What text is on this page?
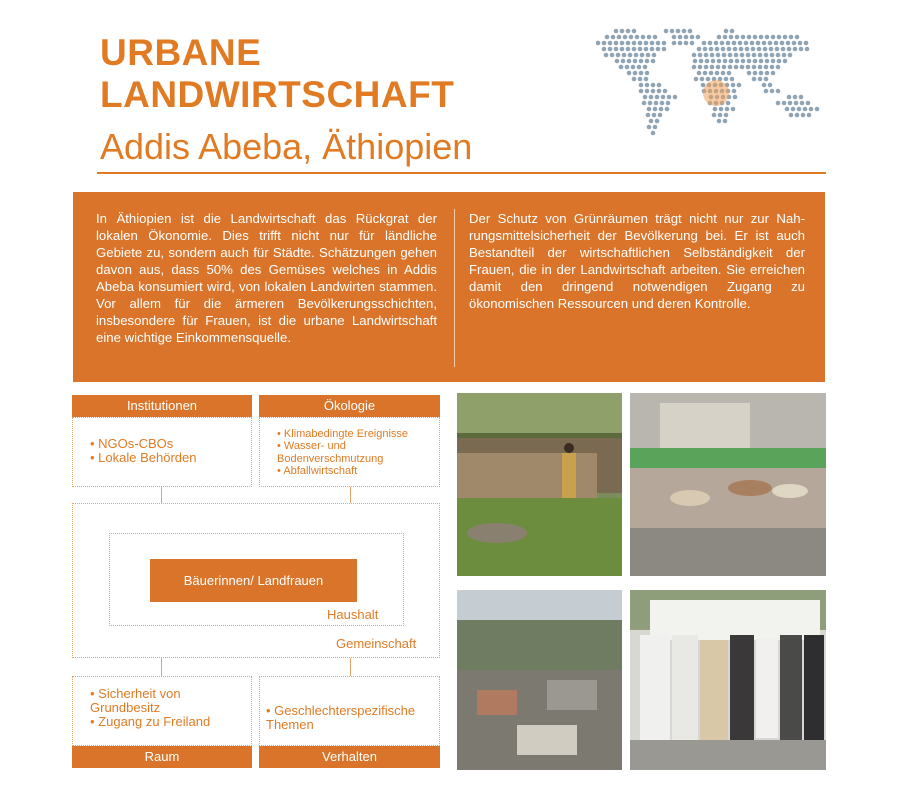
URBANE
LANDWIRTSCHAFT
Addis Abeba, Äthiopien
In Äthiopien ist die Landwirtschaft das Rückgrat der lokalen Ökonomie. Dies trifft nicht nur für ländliche Gebiete zu, sondern auch für Städte. Schätzungen gehen davon aus, dass 50% des Gemüses welches in Addis Abeba konsumiert wird, von lokalen Landwirten stammen. Vor allem für die ärmeren Bevölkerungsschichten, insbesondere für Frauen, ist die urbane Landwirtschaft eine wichtige Einkommensquelle.
Der Schutz von Grünräumen trägt nicht nur zur Nahrungsmittelsicherheit der Bevölkerung bei. Er ist auch Bestandteil der wirtschaftlichen Selbständigkeit der Frauen, die in der Landwirtschaft arbeiten. Sie erreichen damit den dringend notwendigen Zugang zu ökonomischen Ressourcen und deren Kontrolle.
Institutionen
• NGOs-CBOs
• Lokale Behörden
Ökologie
• Klimabedingte Ereignisse
• Wasser- und Bodenverschmutzung
• Abfallwirtschaft
Bäuerinnen/ Landfrauen
Haushalt
Gemeinschaft
• Sicherheit von Grundbesitz
• Zugang zu Freiland
Raum
• Geschlechterspezifische Themen
Verhalten
